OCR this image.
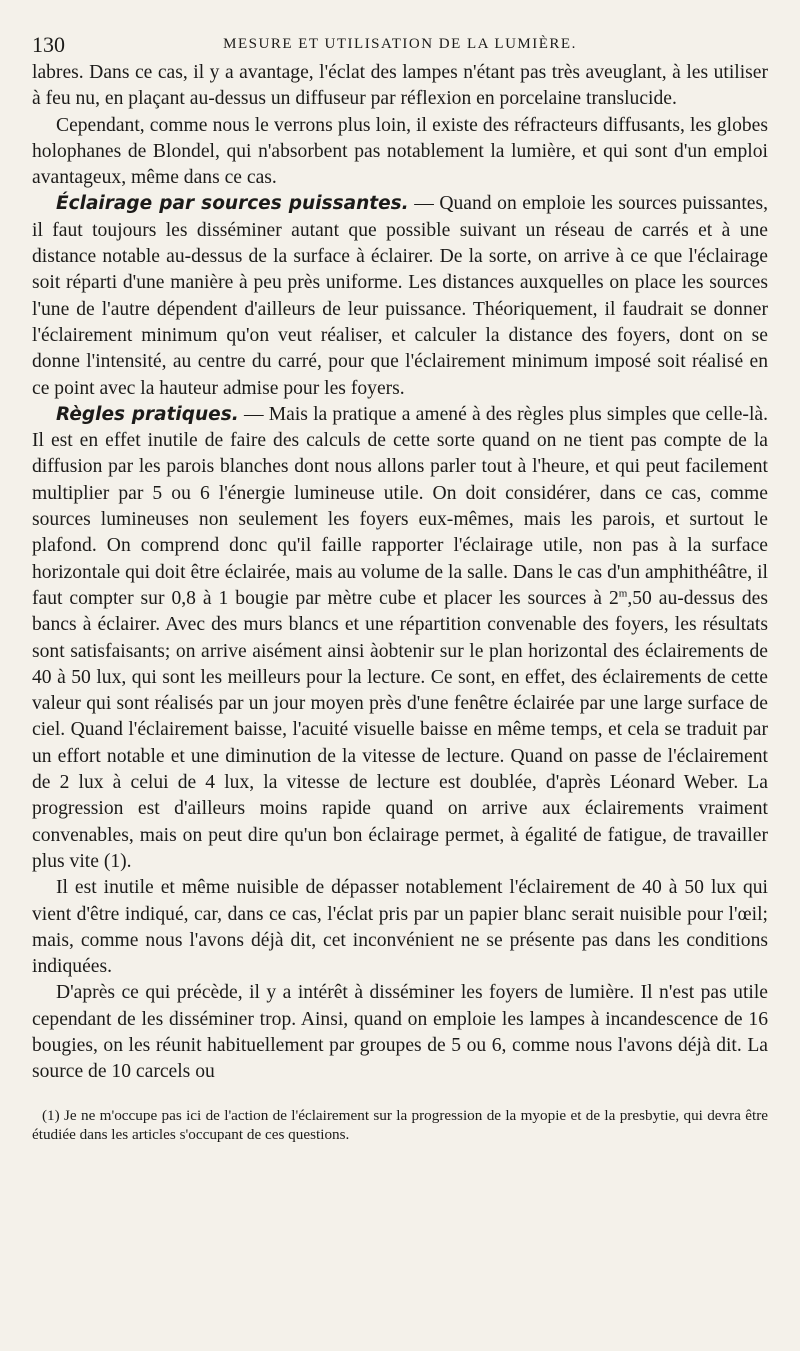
130	MESURE ET UTILISATION DE LA LUMIÈRE.

labres. Dans ce cas, il y a avantage, l'éclat des lampes n'étant pas très aveuglant, à les utiliser à feu nu, en plaçant au-dessus un diffuseur par réflexion en porcelaine translucide.

Cependant, comme nous le verrons plus loin, il existe des réfracteurs diffusants, les globes holophanes de Blondel, qui n'absorbent pas notablement la lumière, et qui sont d'un emploi avantageux, même dans ce cas.

Éclairage par sources puissantes. — Quand on emploie les sources puissantes, il faut toujours les disséminer autant que possible suivant un réseau de carrés et à une distance notable au-dessus de la surface à éclairer. De la sorte, on arrive à ce que l'éclairage soit réparti d'une manière à peu près uniforme. Les distances auxquelles on place les sources l'une de l'autre dépendent d'ailleurs de leur puissance. Théoriquement, il faudrait se donner l'éclairement minimum qu'on veut réaliser, et calculer la distance des foyers, dont on se donne l'intensité, au centre du carré, pour que l'éclairement minimum imposé soit réalisé en ce point avec la hauteur admise pour les foyers.

Règles pratiques. — Mais la pratique a amené à des règles plus simples que celle-là. Il est en effet inutile de faire des calculs de cette sorte quand on ne tient pas compte de la diffusion par les parois blanches dont nous allons parler tout à l'heure, et qui peut facilement multiplier par 5 ou 6 l'énergie lumineuse utile. On doit considérer, dans ce cas, comme sources lumineuses non seulement les foyers eux-mêmes, mais les parois, et surtout le plafond. On comprend donc qu'il faille rapporter l'éclairage utile, non pas à la surface horizontale qui doit être éclairée, mais au volume de la salle. Dans le cas d'un amphithéâtre, il faut compter sur 0,8 à 1 bougie par mètre cube et placer les sources à 2$^m$,50 au-dessus des bancs à éclairer. Avec des murs blancs et une répartition convenable des foyers, les résultats sont satisfaisants; on arrive aisément ainsi àobtenir sur le plan horizontal des éclairements de 40 à 50 lux, qui sont les meilleurs pour la lecture. Ce sont, en effet, des éclairements de cette valeur qui sont réalisés par un jour moyen près d'une fenêtre éclairée par une large surface de ciel. Quand l'éclairement baisse, l'acuité visuelle baisse en même temps, et cela se traduit par un effort notable et une diminution de la vitesse de lecture. Quand on passe de l'éclairement de 2 lux à celui de 4 lux, la vitesse de lecture est doublée, d'après Léonard Weber. La progression est d'ailleurs moins rapide quand on arrive aux éclairements vraiment convenables, mais on peut dire qu'un bon éclairage permet, à égalité de fatigue, de travailler plus vite (1).

Il est inutile et même nuisible de dépasser notablement l'éclairement de 40 à 50 lux qui vient d'être indiqué, car, dans ce cas, l'éclat pris par un papier blanc serait nuisible pour l'œil; mais, comme nous l'avons déjà dit, cet inconvénient ne se présente pas dans les conditions indiquées.

D'après ce qui précède, il y a intérêt à disséminer les foyers de lumière. Il n'est pas utile cependant de les disséminer trop. Ainsi, quand on emploie les lampes à incandescence de 16 bougies, on les réunit habituellement par groupes de 5 ou 6, comme nous l'avons déjà dit. La source de 10 carcels ou

(1) Je ne m'occupe pas ici de l'action de l'éclairement sur la progression de la myopie et de la presbytie, qui devra être étudiée dans les articles s'occupant de ces questions.
